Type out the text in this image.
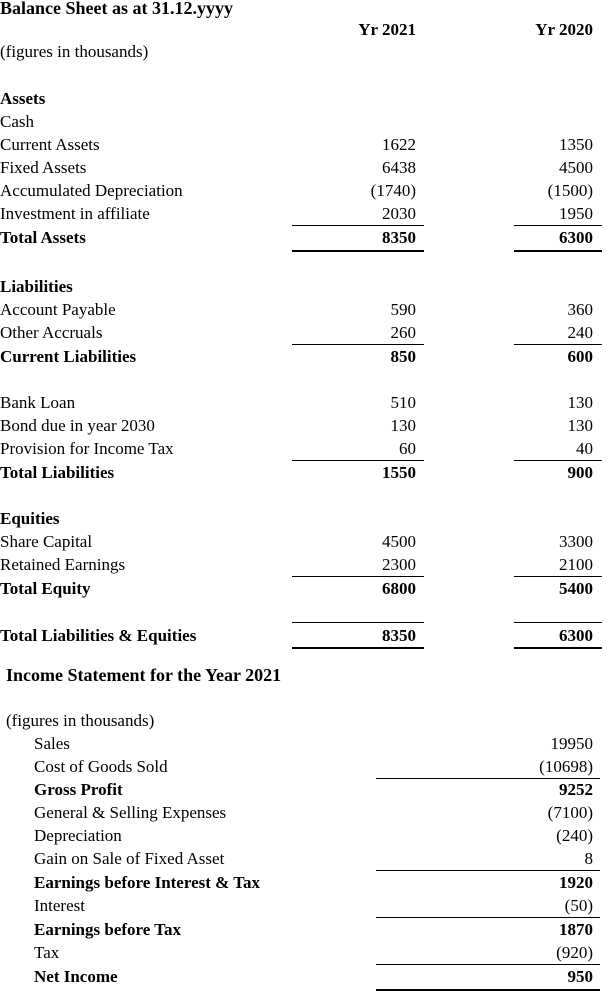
Balance Sheet as at 31.12.yyyy
Yr 2021	Yr 2020
(figures in thousands)
Assets
Cash
Current Assets	1622	1350
Fixed Assets	6438	4500
Accumulated Depreciation	(1740)	(1500)
Investment in affiliate	2030	1950
Total Assets	8350	6300
Liabilities
Account Payable	590	360
Other Accruals	260	240
Current Liabilities	850	600
Bank Loan	510	130
Bond due in year 2030	130	130
Provision for Income Tax	60	40
Total Liabilities	1550	900
Equities
Share Capital	4500	3300
Retained Earnings	2300	2100
Total Equity	6800	5400
Total Liabilities & Equities	8350	6300
Income Statement for the Year 2021
(figures in thousands)
Sales	19950
Cost of Goods Sold	(10698)
Gross Profit	9252
General & Selling Expenses	(7100)
Depreciation	(240)
Gain on Sale of Fixed Asset	8
Earnings before Interest & Tax	1920
Interest	(50)
Earnings before Tax	1870
Tax	(920)
Net Income	950
